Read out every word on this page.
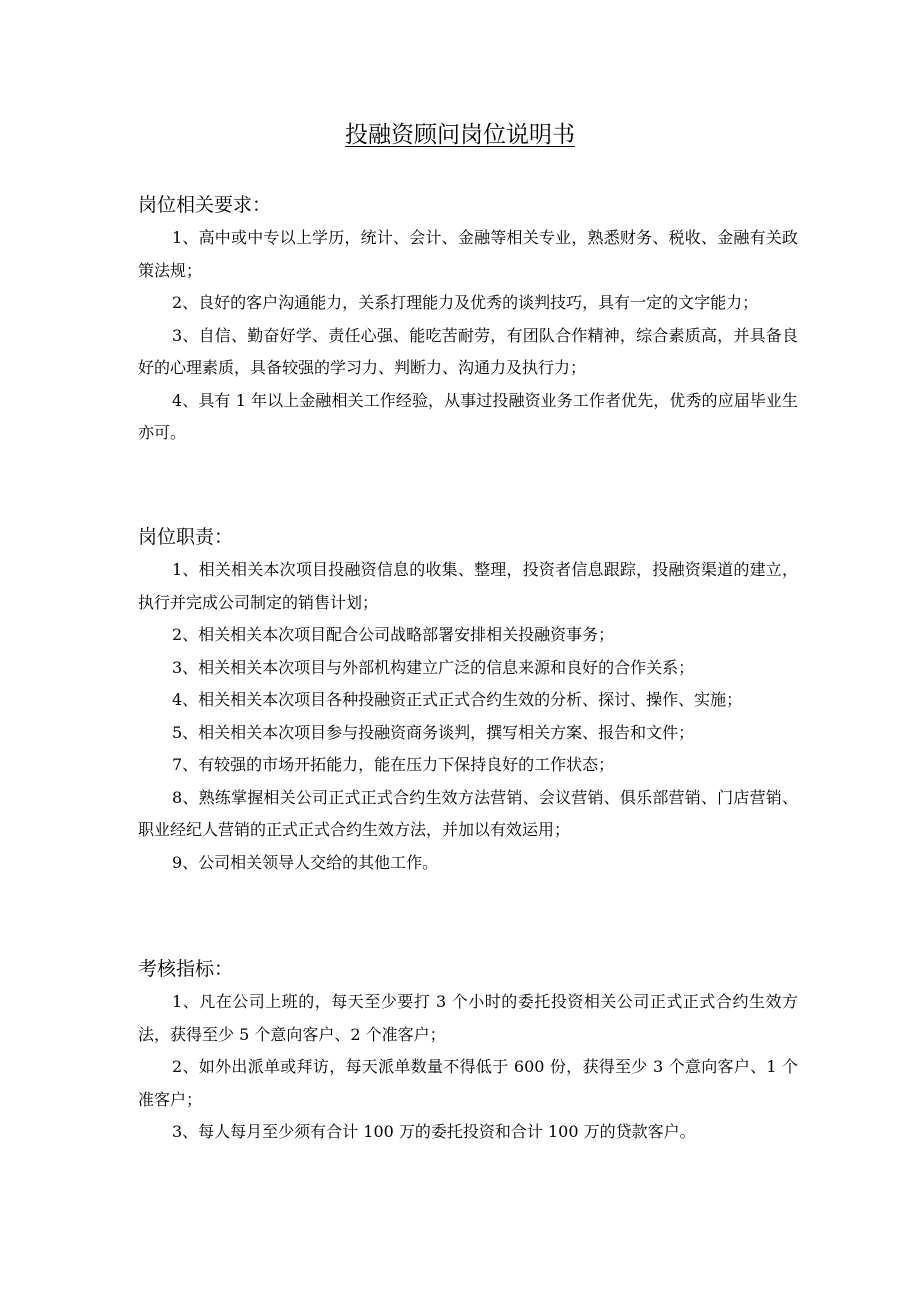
投融资顾问岗位说明书
岗位相关要求：

1、高中或中专以上学历，统计、会计、金融等相关专业，熟悉财务、税收、金融有关政策法规；

2、良好的客户沟通能力，关系打理能力及优秀的谈判技巧，具有一定的文字能力；

3、自信、勤奋好学、责任心强、能吃苦耐劳，有团队合作精神，综合素质高，并具备良好的心理素质，具备较强的学习力、判断力、沟通力及执行力；

4、具有 1 年以上金融相关工作经验，从事过投融资业务工作者优先，优秀的应届毕业生亦可。

岗位职责：

1、相关相关本次项目投融资信息的收集、整理，投资者信息跟踪，投融资渠道的建立，执行并完成公司制定的销售计划；

2、相关相关本次项目配合公司战略部署安排相关投融资事务；

3、相关相关本次项目与外部机构建立广泛的信息来源和良好的合作关系；

4、相关相关本次项目各种投融资正式正式合约生效的分析、探讨、操作、实施；

5、相关相关本次项目参与投融资商务谈判，撰写相关方案、报告和文件；

7、有较强的市场开拓能力，能在压力下保持良好的工作状态；

8、熟练掌握相关公司正式正式合约生效方法营销、会议营销、俱乐部营销、门店营销、职业经纪人营销的正式正式合约生效方法，并加以有效运用；

9、公司相关领导人交给的其他工作。

考核指标：

1、凡在公司上班的，每天至少要打 3 个小时的委托投资相关公司正式正式合约生效方法，获得至少 5 个意向客户、2 个准客户；

2、如外出派单或拜访，每天派单数量不得低于 600 份，获得至少 3 个意向客户、1 个准客户；

3、每人每月至少须有合计 100 万的委托投资和合计 100 万的贷款客户。
